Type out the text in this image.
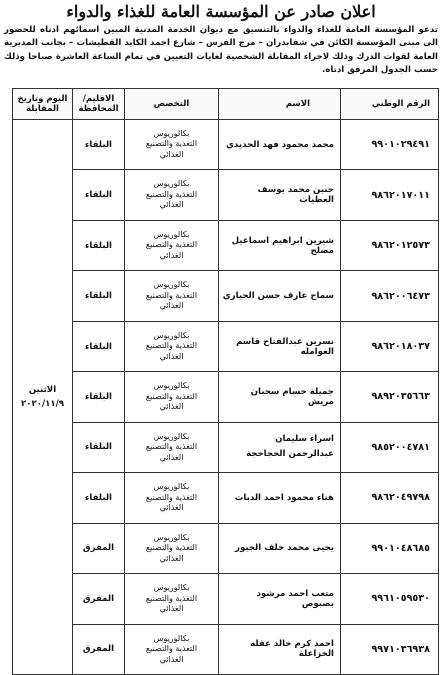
اعلان صادر عن المؤسسة العامة للغذاء والدواء
تدعو المؤسسة العامة للغذاء والدواء بالتنسيق مع ديوان الخدمة المدنية المبين اسمائهم ادناه للحضور الى مبنى المؤسسة الكائن في شفابدران – مرج الفرس – شارع احمد الكايد القطيشات – بجانب المديرية العامة لقوات الدرك وذلك لاجراء المقابلة الشخصية لغايات التعيين في تمام الساعة العاشرة صباحا وذلك حسب الجدول المرفق ادناه.
الرقم الوطني	الاسم	التخصص	الاقليم/ المحافظة	اليوم وتاريخ المقابلة
٩٩٠١٠٢٩٤٩١	محمد محمود فهد الحديدي	بكالوريوس
التغذية والتصنيع
الغذائي	البلقاء	الاثنين
٢٠٢٠/١١/٩

٩٨٦٢٠١٧٠١١	حنين محمد يوسف العطيات	بكالوريوس
التغذية والتصنيع
الغذائي	البلقاء	
٩٨٦٢٠١٢٥٧٣	شيرين ابراهيم اسماعيل مصلح	بكالوريوس
التغذية والتصنيع
الغذائي	البلقاء	
٩٨٦٢٠٠٦٤٧٣	سماح عارف حسن الحياري	بكالوريوس
التغذية والتصنيع
الغذائي	البلقاء	
٩٨٦٢٠١٨٠٣٧	نسرين عبدالفتاح قاسم العوامله	بكالوريوس
التغذية والتصنيع
الغذائي	البلقاء	
٩٨٩٢٠٣٥٦٦٣	جميلة حسام سحبان مريش	بكالوريوس
التغذية والتصنيع
الغذائي	البلقاء	
٩٨٥٢٠٠٤٧٨١	اسراء سليمان
عبدالرحمن الحجاحجة	بكالوريوس
التغذية والتصنيع
الغذائي	البلقاء	
٩٨٦٢٠٤٩٧٩٨	هناء محمود احمد الدبات	بكالوريوس
التغذية والتصنيع
الغذائي	البلقاء	
٩٩٠١٠٤٨٦٨٥	يحيى محمد خلف الجبور	بكالوريوس
التغذية والتصنيع
الغذائي	المفرق	
٩٩٦١٠٥٩٥٣٠	متعب احمد مرشود بصبوص	بكالوريوس
التغذية والتصنيع
الغذائي	المفرق	
٩٩٧١٠٣٦٩٣٨	احمد كرم خالد عقله الخزاعلة	بكالوريوس
التغذية والتصنيع
الغذائي	المفرق	
